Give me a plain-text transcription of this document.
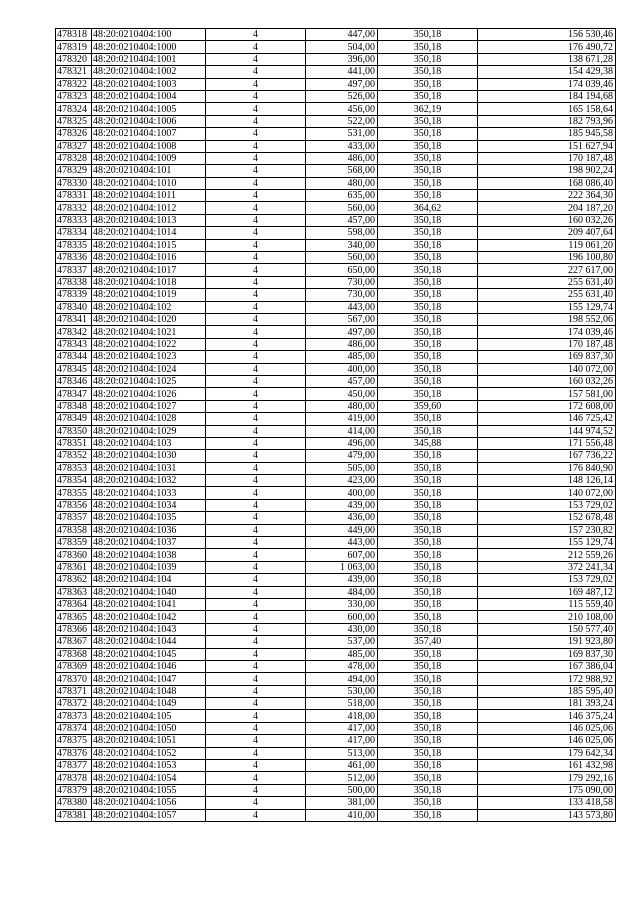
478318	48:20:0210404:100	4	447,00	350,18	156 530,46
478319	48:20:0210404:1000	4	504,00	350,18	176 490,72
478320	48:20:0210404:1001	4	396,00	350,18	138 671,28
478321	48:20:0210404:1002	4	441,00	350,18	154 429,38
478322	48:20:0210404:1003	4	497,00	350,18	174 039,46
478323	48:20:0210404:1004	4	526,00	350,18	184 194,68
478324	48:20:0210404:1005	4	456,00	362,19	165 158,64
478325	48:20:0210404:1006	4	522,00	350,18	182 793,96
478326	48:20:0210404:1007	4	531,00	350,18	185 945,58
478327	48:20:0210404:1008	4	433,00	350,18	151 627,94
478328	48:20:0210404:1009	4	486,00	350,18	170 187,48
478329	48:20:0210404:101	4	568,00	350,18	198 902,24
478330	48:20:0210404:1010	4	480,00	350,18	168 086,40
478331	48:20:0210404:1011	4	635,00	350,18	222 364,30
478332	48:20:0210404:1012	4	560,00	364,62	204 187,20
478333	48:20:0210404:1013	4	457,00	350,18	160 032,26
478334	48:20:0210404:1014	4	598,00	350,18	209 407,64
478335	48:20:0210404:1015	4	340,00	350,18	119 061,20
478336	48:20:0210404:1016	4	560,00	350,18	196 100,80
478337	48:20:0210404:1017	4	650,00	350,18	227 617,00
478338	48:20:0210404:1018	4	730,00	350,18	255 631,40
478339	48:20:0210404:1019	4	730,00	350,18	255 631,40
478340	48:20:0210404:102	4	443,00	350,18	155 129,74
478341	48:20:0210404:1020	4	567,00	350,18	198 552,06
478342	48:20:0210404:1021	4	497,00	350,18	174 039,46
478343	48:20:0210404:1022	4	486,00	350,18	170 187,48
478344	48:20:0210404:1023	4	485,00	350,18	169 837,30
478345	48:20:0210404:1024	4	400,00	350,18	140 072,00
478346	48:20:0210404:1025	4	457,00	350,18	160 032,26
478347	48:20:0210404:1026	4	450,00	350,18	157 581,00
478348	48:20:0210404:1027	4	480,00	359,60	172 608,00
478349	48:20:0210404:1028	4	419,00	350,18	146 725,42
478350	48:20:0210404:1029	4	414,00	350,18	144 974,52
478351	48:20:0210404:103	4	496,00	345,88	171 556,48
478352	48:20:0210404:1030	4	479,00	350,18	167 736,22
478353	48:20:0210404:1031	4	505,00	350,18	176 840,90
478354	48:20:0210404:1032	4	423,00	350,18	148 126,14
478355	48:20:0210404:1033	4	400,00	350,18	140 072,00
478356	48:20:0210404:1034	4	439,00	350,18	153 729,02
478357	48:20:0210404:1035	4	436,00	350,18	152 678,48
478358	48:20:0210404:1036	4	449,00	350,18	157 230,82
478359	48:20:0210404:1037	4	443,00	350,18	155 129,74
478360	48:20:0210404:1038	4	607,00	350,18	212 559,26
478361	48:20:0210404:1039	4	1 063,00	350,18	372 241,34
478362	48:20:0210404:104	4	439,00	350,18	153 729,02
478363	48:20:0210404:1040	4	484,00	350,18	169 487,12
478364	48:20:0210404:1041	4	330,00	350,18	115 559,40
478365	48:20:0210404:1042	4	600,00	350,18	210 108,00
478366	48:20:0210404:1043	4	430,00	350,18	150 577,40
478367	48:20:0210404:1044	4	537,00	357,40	191 923,80
478368	48:20:0210404:1045	4	485,00	350,18	169 837,30
478369	48:20:0210404:1046	4	478,00	350,18	167 386,04
478370	48:20:0210404:1047	4	494,00	350,18	172 988,92
478371	48:20:0210404:1048	4	530,00	350,18	185 595,40
478372	48:20:0210404:1049	4	518,00	350,18	181 393,24
478373	48:20:0210404:105	4	418,00	350,18	146 375,24
478374	48:20:0210404:1050	4	417,00	350,18	146 025,06
478375	48:20:0210404:1051	4	417,00	350,18	146 025,06
478376	48:20:0210404:1052	4	513,00	350,18	179 642,34
478377	48:20:0210404:1053	4	461,00	350,18	161 432,98
478378	48:20:0210404:1054	4	512,00	350,18	179 292,16
478379	48:20:0210404:1055	4	500,00	350,18	175 090,00
478380	48:20:0210404:1056	4	381,00	350,18	133 418,58
478381	48:20:0210404:1057	4	410,00	350,18	143 573,80
